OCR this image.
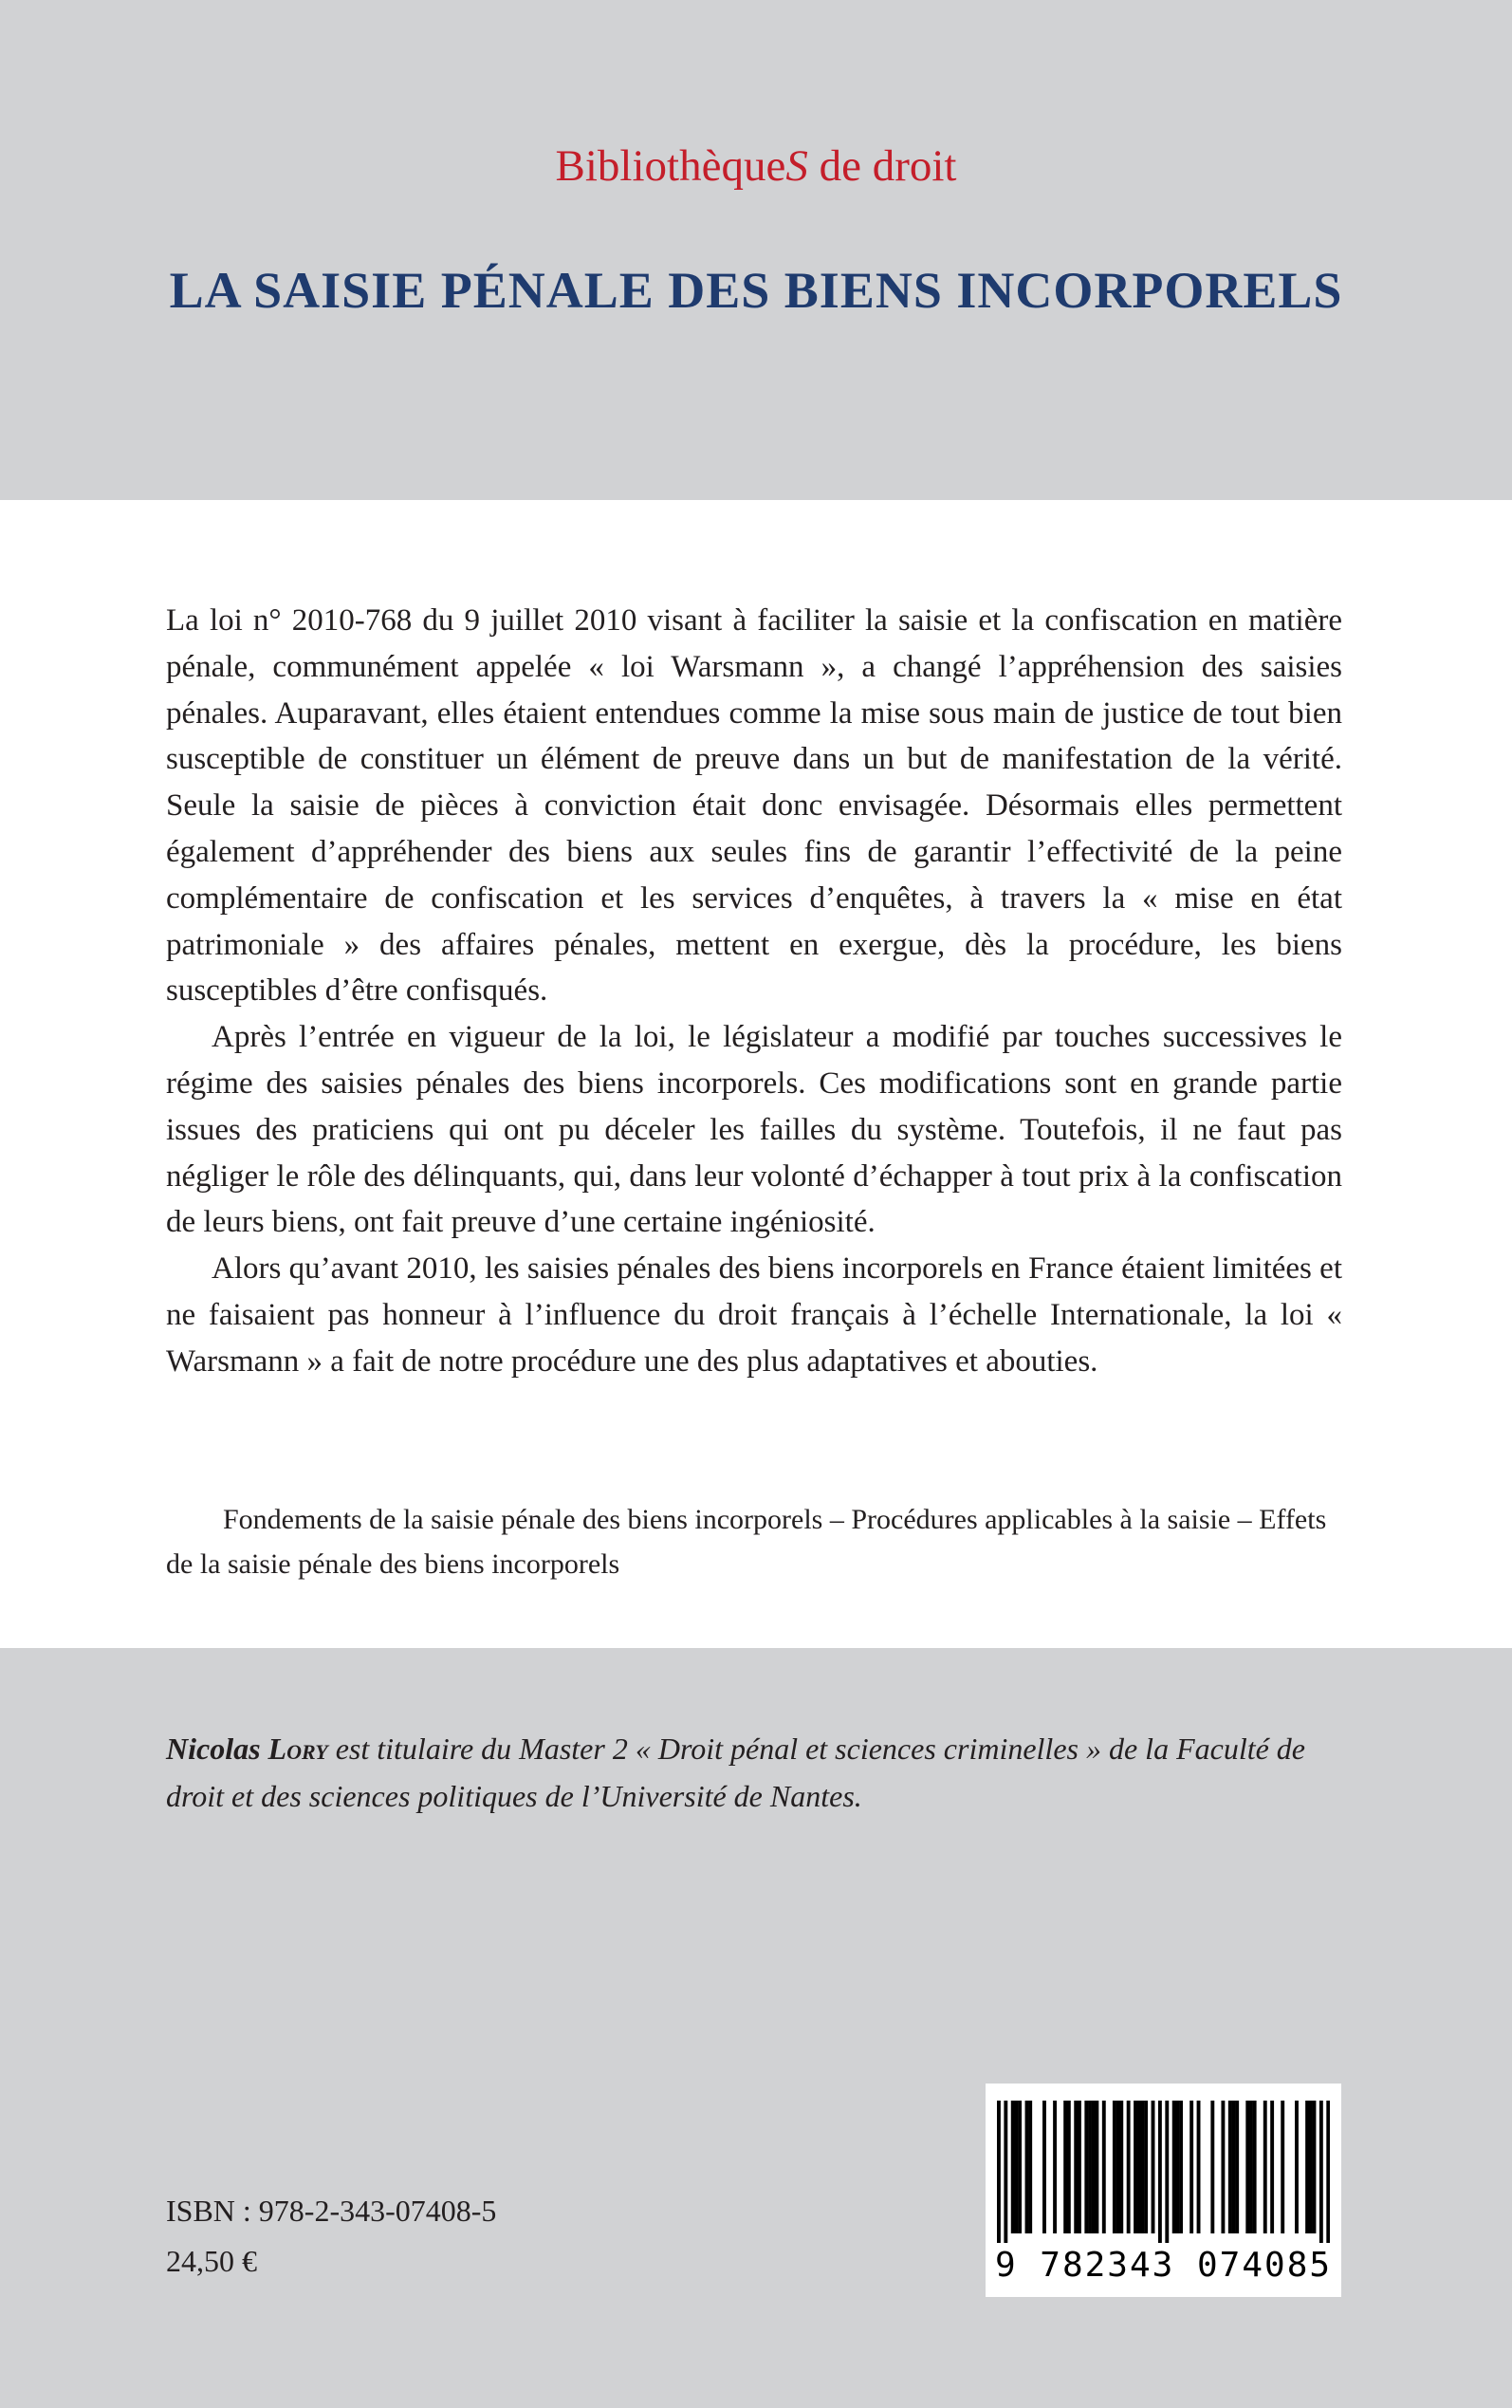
BibliothèqueS de droit
LA SAISIE PÉNALE DES BIENS INCORPORELS

La loi n° 2010-768 du 9 juillet 2010 visant à faciliter la saisie et la confiscation en matière pénale, communément appelée « loi Warsmann », a changé l’appréhension des saisies pénales. Auparavant, elles étaient entendues comme la mise sous main de justice de tout bien susceptible de constituer un élément de preuve dans un but de manifestation de la vérité. Seule la saisie de pièces à conviction était donc envisagée. Désormais elles permettent également d’appréhender des biens aux seules fins de garantir l’effectivité de la peine complémentaire de confiscation et les services d’enquêtes, à travers la « mise en état patrimoniale » des affaires pénales, mettent en exergue, dès la procédure, les biens susceptibles d’être confisqués.

Après l’entrée en vigueur de la loi, le législateur a modifié par touches successives le régime des saisies pénales des biens incorporels. Ces modifications sont en grande partie issues des praticiens qui ont pu déceler les failles du système. Toutefois, il ne faut pas négliger le rôle des délinquants, qui, dans leur volonté d’échapper à tout prix à la confiscation de leurs biens, ont fait preuve d’une certaine ingéniosité.

Alors qu’avant 2010, les saisies pénales des biens incorporels en France étaient limitées et ne faisaient pas honneur à l’influence du droit français à l’échelle Internationale, la loi « Warsmann » a fait de notre procédure une des plus adaptatives et abouties.

Fondements de la saisie pénale des biens incorporels – Procédures applicables à la saisie – Effets de la saisie pénale des biens incorporels

Nicolas Lory est titulaire du Master 2 « Droit pénal et sciences criminelles » de la Faculté de droit et des sciences politiques de l’Université de Nantes.

ISBN : 978-2-343-07408-5
24,50 €	9 782343 074085
